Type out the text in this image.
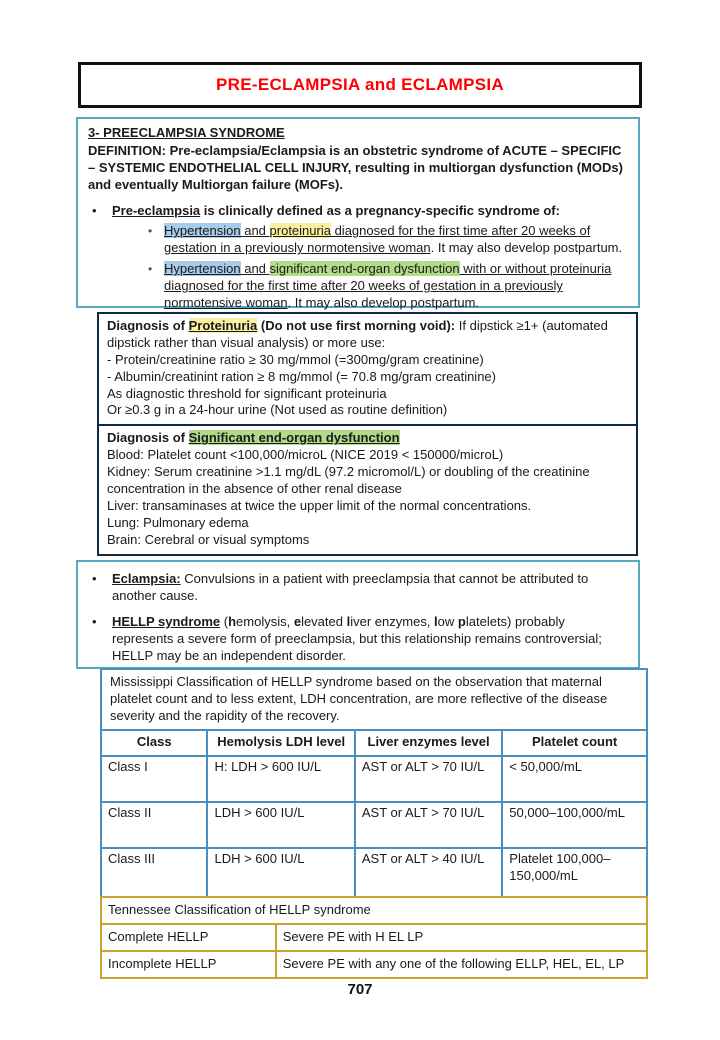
PRE-ECLAMPSIA and ECLAMPSIA
3- PREECLAMPSIA SYNDROME
DEFINITION: Pre-eclampsia/Eclampsia is an obstetric syndrome of ACUTE – SPECIFIC – SYSTEMIC ENDOTHELIAL CELL INJURY, resulting in multiorgan dysfunction (MODs) and eventually Multiorgan failure (MOFs).
•	Pre-eclampsia is clinically defined as a pregnancy-specific syndrome of:
• Hypertension and proteinuria diagnosed for the first time after 20 weeks of gestation in a previously normotensive woman. It may also develop postpartum.
• Hypertension and significant end-organ dysfunction with or without proteinuria diagnosed for the first time after 20 weeks of gestation in a previously normotensive woman. It may also develop postpartum.
Diagnosis of Proteinuria (Do not use first morning void): If dipstick ≥1+ (automated dipstick rather than visual analysis) or more use:
- Protein/creatinine ratio ≥ 30 mg/mmol (=300mg/gram creatinine)
- Albumin/creatinint ration ≥ 8 mg/mmol (= 70.8 mg/gram creatinine)
As diagnostic threshold for significant proteinuria
Or ≥0.3 g in a 24-hour urine (Not used as routine definition)
Diagnosis of Significant end-organ dysfunction
Blood: Platelet count <100,000/microL (NICE 2019 < 150000/microL)
Kidney: Serum creatinine >1.1 mg/dL (97.2 micromol/L) or doubling of the creatinine concentration in the absence of other renal disease
Liver: transaminases at twice the upper limit of the normal concentrations.
Lung: Pulmonary edema
Brain: Cerebral or visual symptoms
•	Eclampsia: Convulsions in a patient with preeclampsia that cannot be attributed to another cause.
•	HELLP syndrome (hemolysis, elevated liver enzymes, low platelets) probably represents a severe form of preeclampsia, but this relationship remains controversial; HELLP may be an independent disorder.
Mississippi Classification of HELLP syndrome based on the observation that maternal platelet count and to less extent, LDH concentration, are more reflective of the disease severity and the rapidity of the recovery.
Class	Hemolysis LDH level	Liver enzymes level	Platelet count
Class I	H: LDH > 600 IU/L	AST or ALT > 70 IU/L	< 50,000/mL
Class II	LDH > 600 IU/L	AST or ALT > 70 IU/L	50,000–100,000/mL
Class III	LDH > 600 IU/L	AST or ALT > 40 IU/L	Platelet 100,000–150,000/mL
Tennessee Classification of HELLP syndrome	
Complete HELLP	Severe PE with H EL LP
Incomplete HELLP	Severe PE with any one of the following ELLP, HEL, EL, LP
707
